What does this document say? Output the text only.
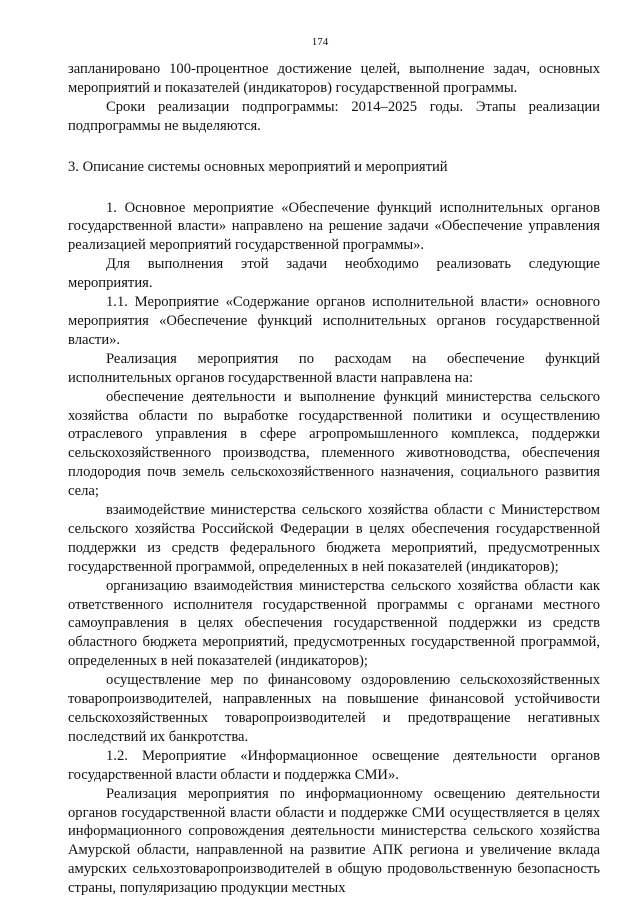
174

запланировано 100-процентное достижение целей, выполнение задач, основных мероприятий и показателей (индикаторов) государственной программы.

Сроки реализации подпрограммы: 2014–2025 годы. Этапы реализации подпрограммы не выделяются.

3. Описание системы основных мероприятий и мероприятий

1. Основное мероприятие «Обеспечение функций исполнительных органов государственной власти» направлено на решение задачи «Обеспечение управления реализацией мероприятий государственной программы».

Для выполнения этой задачи необходимо реализовать следующие мероприятия.

1.1. Мероприятие «Содержание органов исполнительной власти» основного мероприятия «Обеспечение функций исполнительных органов государственной власти».

Реализация мероприятия по расходам на обеспечение функций исполнительных органов государственной власти направлена на:

обеспечение деятельности и выполнение функций министерства сельского хозяйства области по выработке государственной политики и осуществлению отраслевого управления в сфере агропромышленного комплекса, поддержки сельскохозяйственного производства, племенного животноводства, обеспечения плодородия почв земель сельскохозяйственного назначения, социального развития села;

взаимодействие министерства сельского хозяйства области с Министерством сельского хозяйства Российской Федерации в целях обеспечения государственной поддержки из средств федерального бюджета мероприятий, предусмотренных государственной программой, определенных в ней показателей (индикаторов);

организацию взаимодействия министерства сельского хозяйства области как ответственного исполнителя государственной программы с органами местного самоуправления в целях обеспечения государственной поддержки из средств областного бюджета мероприятий, предусмотренных государственной программой, определенных в ней показателей (индикаторов);

осуществление мер по финансовому оздоровлению сельскохозяйственных товаропроизводителей, направленных на повышение финансовой устойчивости сельскохозяйственных товаропроизводителей и предотвращение негативных последствий их банкротства.

1.2. Мероприятие «Информационное освещение деятельности органов государственной власти области и поддержка СМИ».

Реализация мероприятия по информационному освещению деятельности органов государственной власти области и поддержке СМИ осуществляется в целях информационного сопровождения деятельности министерства сельского хозяйства Амурской области, направленной на развитие АПК региона и увеличение вклада амурских сельхозтоваропроизводителей в общую продовольственную безопасность страны, популяризацию продукции местных
